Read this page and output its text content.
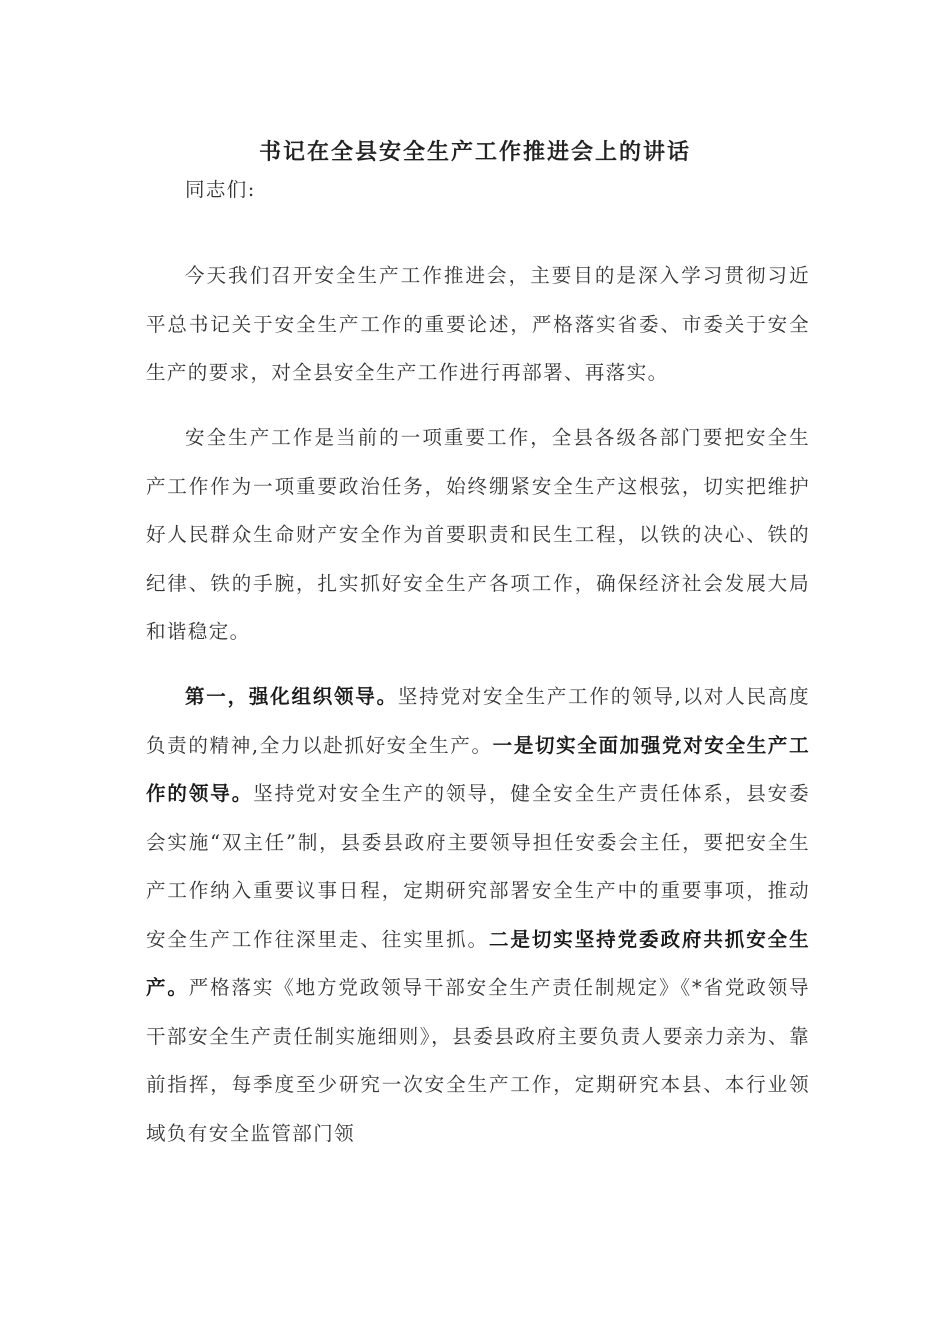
书记在全县安全生产工作推进会上的讲话
同志们:
今天我们召开安全生产工作推进会，主要目的是深入学习贯彻习近平总书记关于安全生产工作的重要论述，严格落实省委、市委关于安全生产的要求，对全县安全生产工作进行再部署、再落实。
安全生产工作是当前的一项重要工作，全县各级各部门要把安全生产工作作为一项重要政治任务，始终绷紧安全生产这根弦，切实把维护好人民群众生命财产安全作为首要职责和民生工程，以铁的决心、铁的纪律、铁的手腕，扎实抓好安全生产各项工作，确保经济社会发展大局和谐稳定。
第一，强化组织领导。坚持党对安全生产工作的领导,以对人民高度负责的精神,全力以赴抓好安全生产。一是切实全面加强党对安全生产工作的领导。坚持党对安全生产的领导，健全安全生产责任体系，县安委会实施“双主任”制，县委县政府主要领导担任安委会主任，要把安全生产工作纳入重要议事日程，定期研究部署安全生产中的重要事项，推动安全生产工作往深里走、往实里抓。二是切实坚持党委政府共抓安全生产。严格落实《地方党政领导干部安全生产责任制规定》《*省党政领导干部安全生产责任制实施细则》，县委县政府主要负责人要亲力亲为、靠前指挥，每季度至少研究一次安全生产工作，定期研究本县、本行业领域负有安全监管部门领
